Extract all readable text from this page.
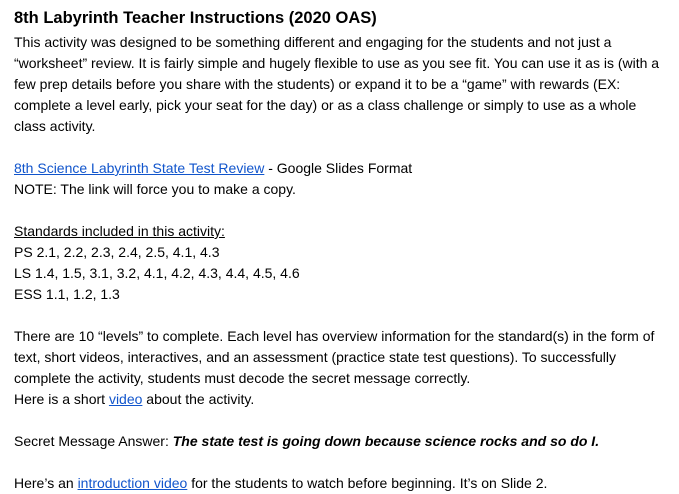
8th Labyrinth Teacher Instructions (2020 OAS)

This activity was designed to be something different and engaging for the students and not just a “worksheet” review. It is fairly simple and hugely flexible to use as you see fit. You can use it as is (with a few prep details before you share with the students) or expand it to be a “game” with rewards (EX: complete a level early, pick your seat for the day) or as a class challenge or simply to use as a whole class activity.

8th Science Labyrinth State Test Review - Google Slides Format

NOTE: The link will force you to make a copy.

Standards included in this activity:

PS 2.1, 2.2, 2.3, 2.4, 2.5, 4.1, 4.3

LS 1.4, 1.5, 3.1, 3.2, 4.1, 4.2, 4.3, 4.4, 4.5, 4.6

ESS 1.1, 1.2, 1.3

There are 10 “levels” to complete. Each level has overview information for the standard(s) in the form of text, short videos, interactives, and an assessment (practice state test questions). To successfully complete the activity, students must decode the secret message correctly.

Here is a short video about the activity.

Secret Message Answer: The state test is going down because science rocks and so do I.

Here’s an introduction video for the students to watch before beginning. It’s on Slide 2.
